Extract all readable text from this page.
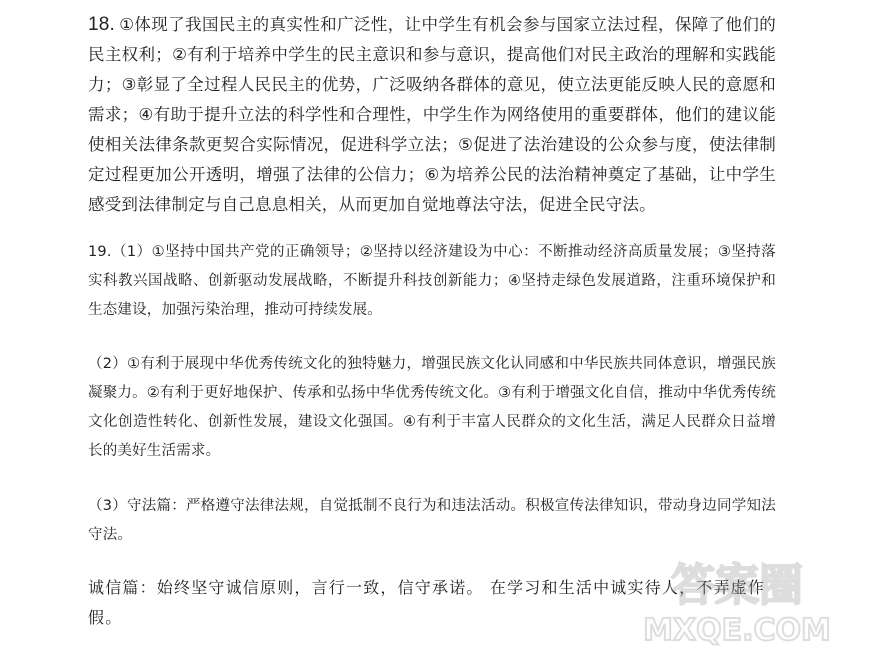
18. ①体现了我国民主的真实性和广泛性，让中学生有机会参与国家立法过程，保障了他们的民主权利；②有利于培养中学生的民主意识和参与意识，提高他们对民主政治的理解和实践能力；③彰显了全过程人民民主的优势，广泛吸纳各群体的意见，使立法更能反映人民的意愿和需求；④有助于提升立法的科学性和合理性，中学生作为网络使用的重要群体，他们的建议能使相关法律条款更契合实际情况，促进科学立法；⑤促进了法治建设的公众参与度，使法律制定过程更加公开透明，增强了法律的公信力；⑥为培养公民的法治精神奠定了基础，让中学生感受到法律制定与自己息息相关，从而更加自觉地尊法守法，促进全民守法。
19.（1）①坚持中国共产党的正确领导；②坚持以经济建设为中心：不断推动经济高质量发展；③坚持落实科教兴国战略、创新驱动发展战略，不断提升科技创新能力；④坚持走绿色发展道路，注重环境保护和生态建设，加强污染治理，推动可持续发展。
（2）①有利于展现中华优秀传统文化的独特魅力，增强民族文化认同感和中华民族共同体意识，增强民族凝聚力。②有利于更好地保护、传承和弘扬中华优秀传统文化。③有利于增强文化自信，推动中华优秀传统文化创造性转化、创新性发展，建设文化强国。④有利于丰富人民群众的文化生活，满足人民群众日益增长的美好生活需求。
（3）守法篇：严格遵守法律法规，自觉抵制不良行为和违法活动。积极宣传法律知识，带动身边同学知法守法。
诚信篇：始终坚守诚信原则，言行一致，信守承诺。 在学习和生活中诚实待人，不弄虚作假。
答案圈
MXQE.COM
